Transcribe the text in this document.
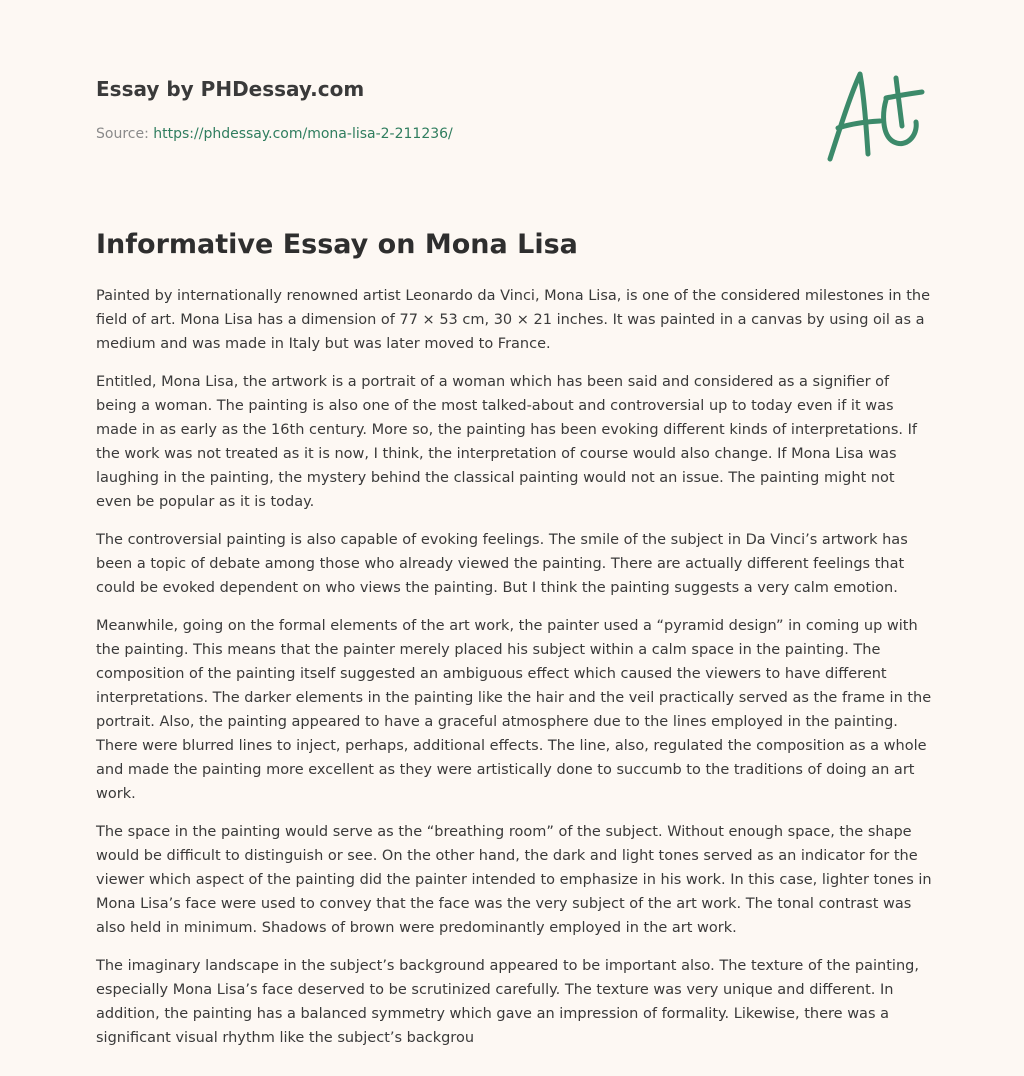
Essay by PHDessay.com
Source: https://phdessay.com/mona-lisa-2-211236/
Informative Essay on Mona Lisa

Painted by internationally renowned artist Leonardo da Vinci, Mona Lisa, is one of the considered milestones in the field of art. Mona Lisa has a dimension of 77 × 53 cm, 30 × 21 inches. It was painted in a canvas by using oil as a medium and was made in Italy but was later moved to France.

Entitled, Mona Lisa, the artwork is a portrait of a woman which has been said and considered as a signifier of being a woman. The painting is also one of the most talked-about and controversial up to today even if it was made in as early as the 16th century. More so, the painting has been evoking different kinds of interpretations. If the work was not treated as it is now, I think, the interpretation of course would also change. If Mona Lisa was laughing in the painting, the mystery behind the classical painting would not an issue. The painting might not even be popular as it is today.

The controversial painting is also capable of evoking feelings. The smile of the subject in Da Vinci’s artwork has been a topic of debate among those who already viewed the painting. There are actually different feelings that could be evoked dependent on who views the painting. But I think the painting suggests a very calm emotion.

Meanwhile, going on the formal elements of the art work, the painter used a “pyramid design” in coming up with the painting. This means that the painter merely placed his subject within a calm space in the painting. The composition of the painting itself suggested an ambiguous effect which caused the viewers to have different interpretations. The darker elements in the painting like the hair and the veil practically served as the frame in the portrait. Also, the painting appeared to have a graceful atmosphere due to the lines employed in the painting. There were blurred lines to inject, perhaps, additional effects. The line, also, regulated the composition as a whole and made the painting more excellent as they were artistically done to succumb to the traditions of doing an art work.

The space in the painting would serve as the “breathing room” of the subject. Without enough space, the shape would be difficult to distinguish or see. On the other hand, the dark and light tones served as an indicator for the viewer which aspect of the painting did the painter intended to emphasize in his work. In this case, lighter tones in Mona Lisa’s face were used to convey that the face was the very subject of the art work. The tonal contrast was also held in minimum. Shadows of brown were predominantly employed in the art work.

The imaginary landscape in the subject’s background appeared to be important also. The texture of the painting, especially Mona Lisa’s face deserved to be scrutinized carefully. The texture was very unique and different. In addition, the painting has a balanced symmetry which gave an impression of formality. Likewise, there was a significant visual rhythm like the subject’s backgrou
